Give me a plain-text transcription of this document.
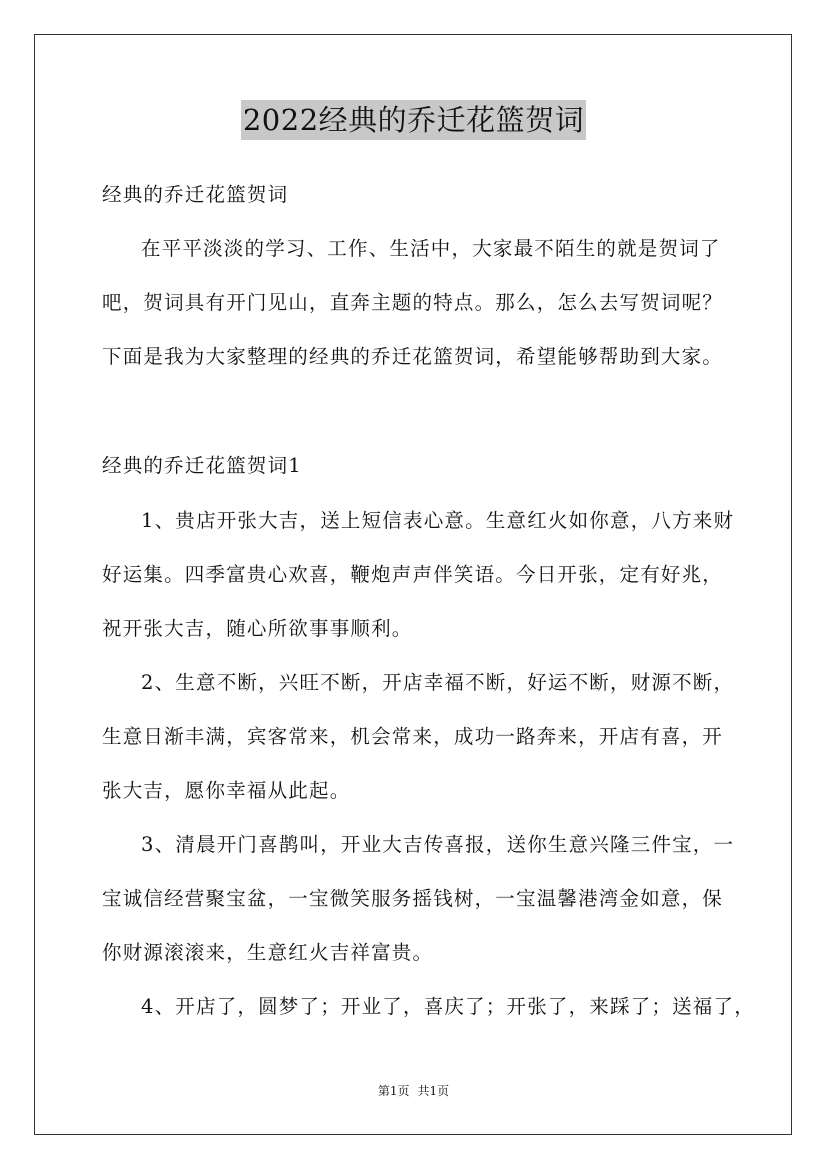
2022经典的乔迁花篮贺词
经典的乔迁花篮贺词
在平平淡淡的学习、工作、生活中，大家最不陌生的就是贺词了
吧，贺词具有开门见山，直奔主题的特点。那么，怎么去写贺词呢？
下面是我为大家整理的经典的乔迁花篮贺词，希望能够帮助到大家。
经典的乔迁花篮贺词1
1、贵店开张大吉，送上短信表心意。生意红火如你意，八方来财
好运集。四季富贵心欢喜，鞭炮声声伴笑语。今日开张，定有好兆，
祝开张大吉，随心所欲事事顺利。
2、生意不断，兴旺不断，开店幸福不断，好运不断，财源不断，
生意日渐丰满，宾客常来，机会常来，成功一路奔来，开店有喜，开
张大吉，愿你幸福从此起。
3、清晨开门喜鹊叫，开业大吉传喜报，送你生意兴隆三件宝，一
宝诚信经营聚宝盆，一宝微笑服务摇钱树，一宝温馨港湾金如意，保
你财源滚滚来，生意红火吉祥富贵。
4、开店了，圆梦了；开业了，喜庆了；开张了，来踩了；送福了，
第1页 共1页
